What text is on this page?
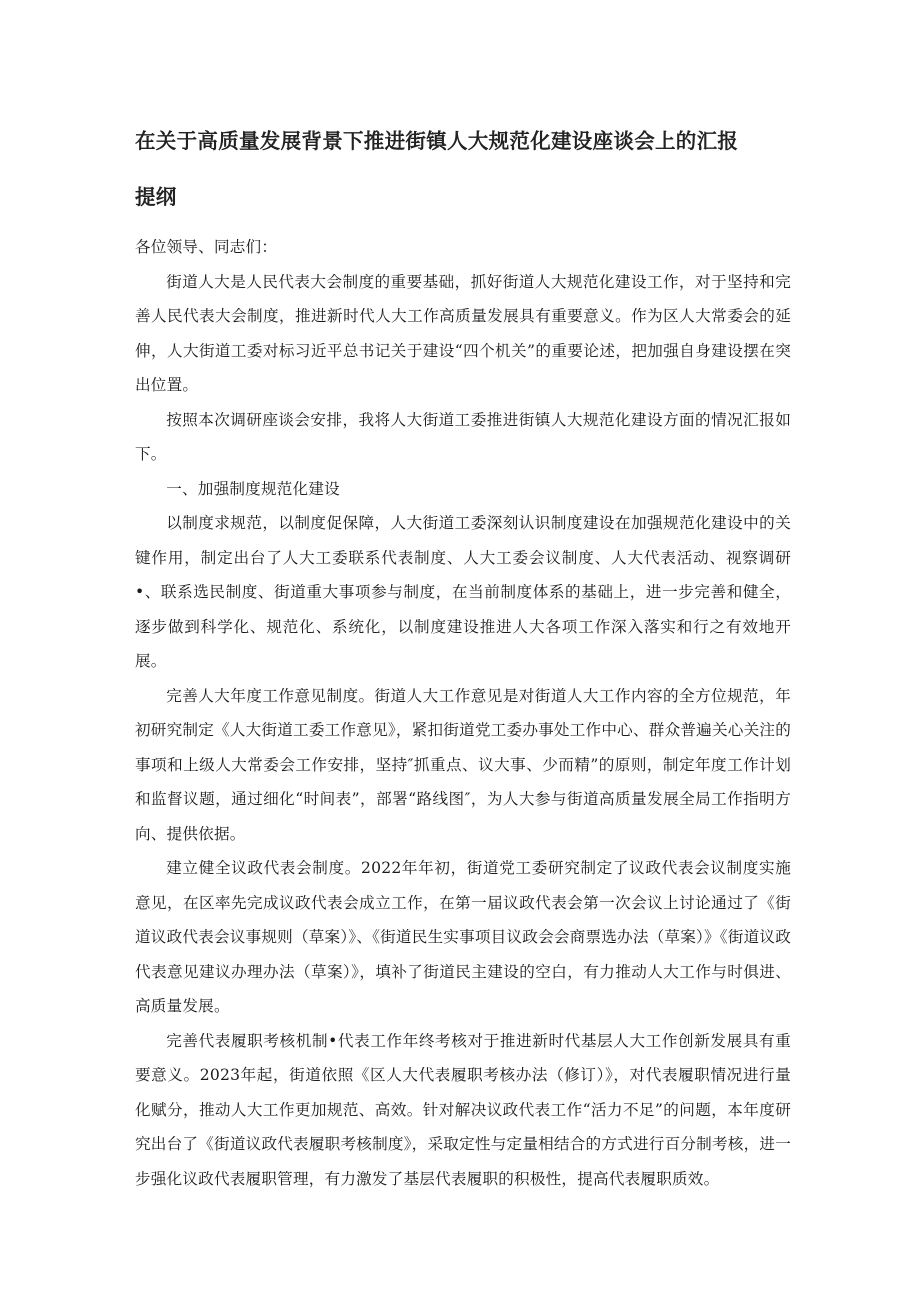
在关于高质量发展背景下推进街镇人大规范化建设座谈会上的汇报
提纲

各位领导、同志们：

街道人大是人民代表大会制度的重要基础，抓好街道人大规范化建设工作，对于坚持和完善人民代表大会制度，推进新时代人大工作高质量发展具有重要意义。作为区人大常委会的延伸，人大街道工委对标习近平总书记关于建设“四个机关”的重要论述，把加强自身建设摆在突出位置。

按照本次调研座谈会安排，我将人大街道工委推进街镇人大规范化建设方面的情况汇报如下。

一、加强制度规范化建设

以制度求规范，以制度促保障，人大街道工委深刻认识制度建设在加强规范化建设中的关键作用，制定出台了人大工委联系代表制度、人大工委会议制度、人大代表活动、视察调研•、联系选民制度、街道重大事项参与制度，在当前制度体系的基础上，进一步完善和健全，逐步做到科学化、规范化、系统化，以制度建设推进人大各项工作深入落实和行之有效地开展。

完善人大年度工作意见制度。街道人大工作意见是对街道人大工作内容的全方位规范，年初研究制定《人大街道工委工作意见》，紧扣街道党工委办事处工作中心、群众普遍关心关注的事项和上级人大常委会工作安排，坚持″抓重点、议大事、少而精”的原则，制定年度工作计划和监督议题，通过细化“时间表”，部署“路线图″，为人大参与街道高质量发展全局工作指明方向、提供依据。

建立健全议政代表会制度。2022年年初，街道党工委研究制定了议政代表会议制度实施意见，在区率先完成议政代表会成立工作，在第一届议政代表会第一次会议上讨论通过了《街道议政代表会议事规则（草案）》、《街道民生实事项目议政会会商票选办法（草案）》《街道议政代表意见建议办理办法（草案）》，填补了街道民主建设的空白，有力推动人大工作与时俱进、高质量发展。

完善代表履职考核机制•代表工作年终考核对于推进新时代基层人大工作创新发展具有重要意义。2023年起，街道依照《区人大代表履职考核办法（修订）》，对代表履职情况进行量化赋分，推动人大工作更加规范、高效。针对解决议政代表工作“活力不足”的问题，本年度研究出台了《街道议政代表履职考核制度》，采取定性与定量相结合的方式进行百分制考核，进一步强化议政代表履职管理，有力激发了基层代表履职的积极性，提高代表履职质效。
